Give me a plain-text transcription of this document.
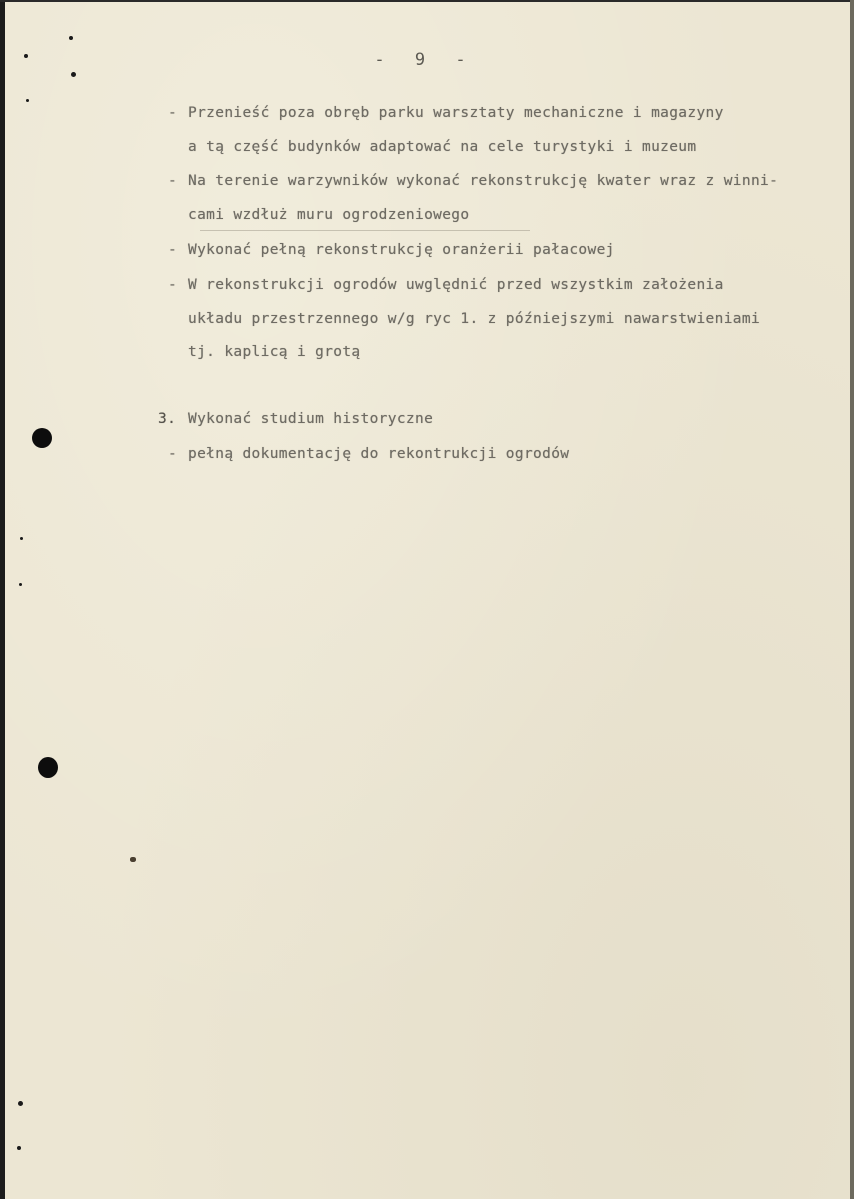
- 9 -
- Przenieść poza obręb parku warsztaty mechaniczne i magazyny
a tą część budynków adaptować na cele turystyki i muzeum
- Na terenie warzywników wykonać rekonstrukcję kwater wraz z winni-
cami wzdłuż muru ogrodzeniowego
- Wykonać pełną rekonstrukcję oranżerii pałacowej
- W rekonstrukcji ogrodów uwględnić przed wszystkim założenia
układu przestrzennego w/g ryc 1. z późniejszymi nawarstwieniami
tj. kaplicą i grotą
3. Wykonać studium historyczne
- pełną dokumentację do rekontrukcji ogrodów
